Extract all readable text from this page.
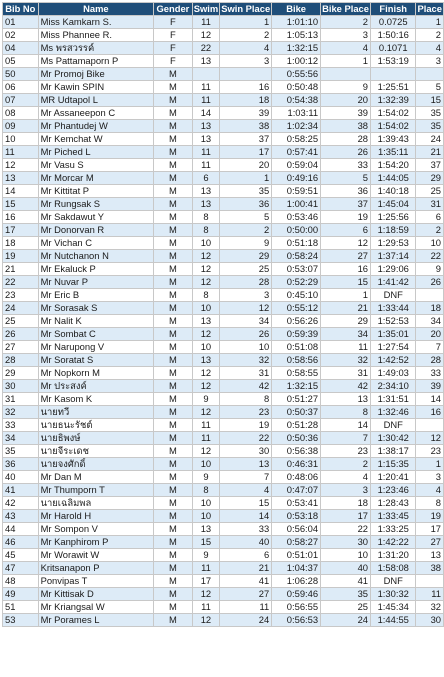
Bib No	Name	Gender	Swim	Swin Place	Bike	Bike Place	Finish	Place
01	Miss Kamkarn S.	F	11	1	1:01:10	2	0.0725	1
02	Miss Phannee R.	F	12	2	1:05:13	3	1:50:16	2
04	Ms พรสวรรค์	F	22	4	1:32:15	4	0.1071	4
05	Ms Pattamaporn P	F	13	3	1:00:12	1	1:53:19	3
50	Mr Promoj Bike	M			0:55:56			
06	Mr Kawin SPIN	M	11	16	0:50:48	9	1:25:51	5
07	MR Udtapol L	M	11	18	0:54:38	20	1:32:39	15
08	Mr Assaneepon C	M	14	39	1:03:11	39	1:54:02	35
09	Mr Phantudej W	M	13	38	1:02:34	38	1:54:02	35
10	Mr Kemchat W	M	13	37	0:58:25	28	1:39:43	24
11	Mr Piched L	M	11	17	0:57:41	26	1:35:11	21
12	Mr Vasu S	M	11	20	0:59:04	33	1:54:20	37
13	Mr Morcar M	M	6	1	0:49:16	5	1:44:05	29
14	Mr Kittitat P	M	13	35	0:59:51	36	1:40:18	25
15	Mr Rungsak S	M	13	36	1:00:41	37	1:45:04	31
16	Mr Sakdawut Y	M	8	5	0:53:46	19	1:25:56	6
17	Mr Donorvan R	M	8	2	0:50:00	6	1:18:59	2
18	Mr Vichan C	M	10	9	0:51:18	12	1:29:53	10
19	Mr Nutchanon N	M	12	29	0:58:24	27	1:37:14	22
21	Mr Ekaluck P	M	12	25	0:53:07	16	1:29:06	9
22	Mr Nuvar P	M	12	28	0:52:29	15	1:41:42	26
23	Mr Eric B	M	8	3	0:45:10	1	DNF	
24	Mr Sorasak S	M	10	12	0:55:12	21	1:33:44	18
25	Mr Nalit K	M	13	34	0:56:26	29	1:52:53	34
26	Mr Sombat C	M	12	26	0:59:39	34	1:35:01	20
27	Mr Narupong V	M	10	10	0:51:08	11	1:27:54	7
28	Mr Soratat S	M	13	32	0:58:56	32	1:42:52	28
29	Mr Nopkorn M	M	12	31	0:58:55	31	1:49:03	33
30	Mr ประสงค์	M	12	42	1:32:15	42	2:34:10	39
31	Mr Kasom K	M	9	8	0:51:27	13	1:31:51	14
32	นายทวี	M	12	23	0:50:37	8	1:32:46	16
33	นายธนะรัชต์	M	11	19	0:51:28	14	DNF	
34	นายธิพงษ์	M	11	22	0:50:36	7	1:30:42	12
35	นายจีระเดช	M	12	30	0:56:38	23	1:38:17	23
36	นายจงศักดิ์	M	10	13	0:46:31	2	1:15:35	1
40	Mr Dan M	M	9	7	0:48:06	4	1:20:41	3
41	Mr Thumporn T	M	8	4	0:47:07	3	1:23:46	4
42	นายเฉลิมพล	M	10	15	0:53:41	18	1:28:43	8
43	Mr Harold H	M	10	14	0:53:18	17	1:33:45	19
44	Mr Sompon V	M	13	33	0:56:04	22	1:33:25	17
46	Mr Kanphirom P	M	15	40	0:58:27	30	1:42:22	27
45	Mr Worawit W	M	9	6	0:51:01	10	1:31:20	13
47	Kritsanapon P	M	11	21	1:04:37	40	1:58:08	38
48	Ponvipas T	M	17	41	1:06:28	41	DNF	
49	Mr Kittisak D	M	12	27	0:59:46	35	1:30:32	11
51	Mr Kriangsal W	M	11	11	0:56:55	25	1:45:34	32
53	Mr Porames L	M	12	24	0:56:53	24	1:44:55	30
